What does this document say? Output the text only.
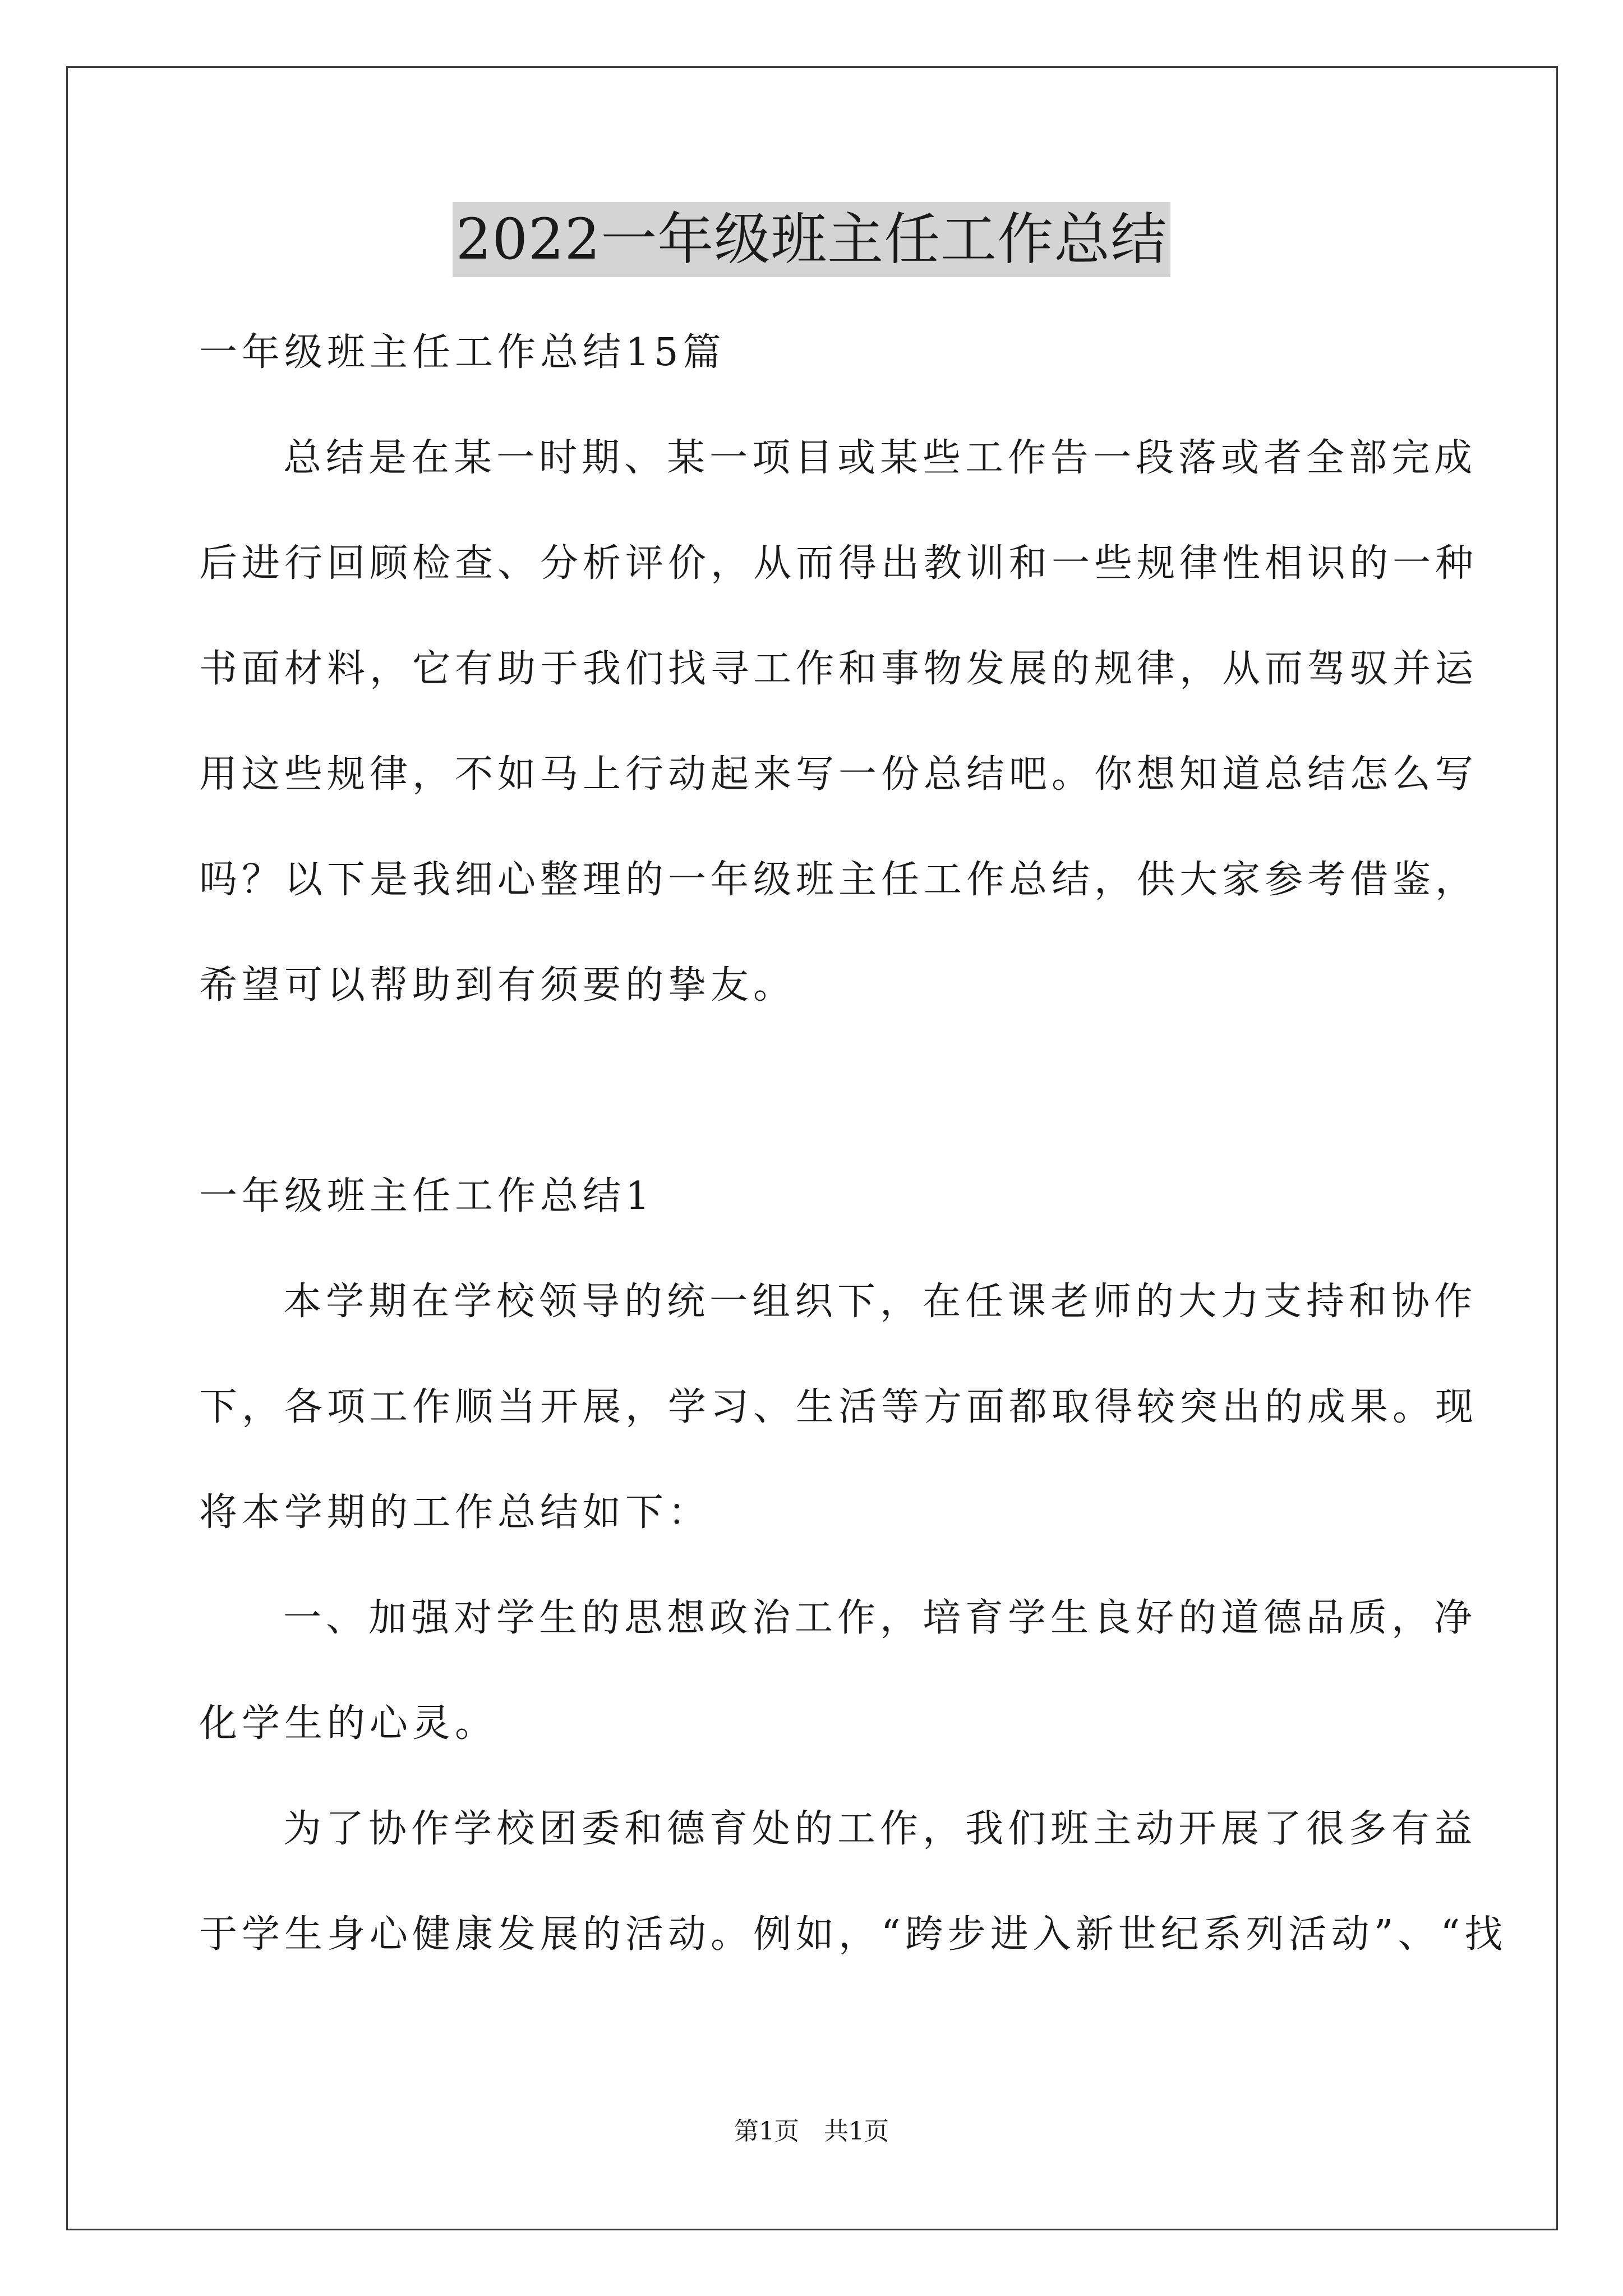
2022一年级班主任工作总结

一年级班主任工作总结15篇

总结是在某一时期、某一项目或某些工作告一段落或者全部完成

后进行回顾检查、分析评价，从而得出教训和一些规律性相识的一种

书面材料，它有助于我们找寻工作和事物发展的规律，从而驾驭并运

用这些规律，不如马上行动起来写一份总结吧。你想知道总结怎么写

吗？以下是我细心整理的一年级班主任工作总结，供大家参考借鉴，

希望可以帮助到有须要的挚友。

一年级班主任工作总结1

本学期在学校领导的统一组织下，在任课老师的大力支持和协作

下，各项工作顺当开展，学习、生活等方面都取得较突出的成果。现

将本学期的工作总结如下：

一、加强对学生的思想政治工作，培育学生良好的道德品质，净

化学生的心灵。

为了协作学校团委和德育处的工作，我们班主动开展了很多有益

于学生身心健康发展的活动。例如，“跨步进入新世纪系列活动”、“找

第1页　共1页
